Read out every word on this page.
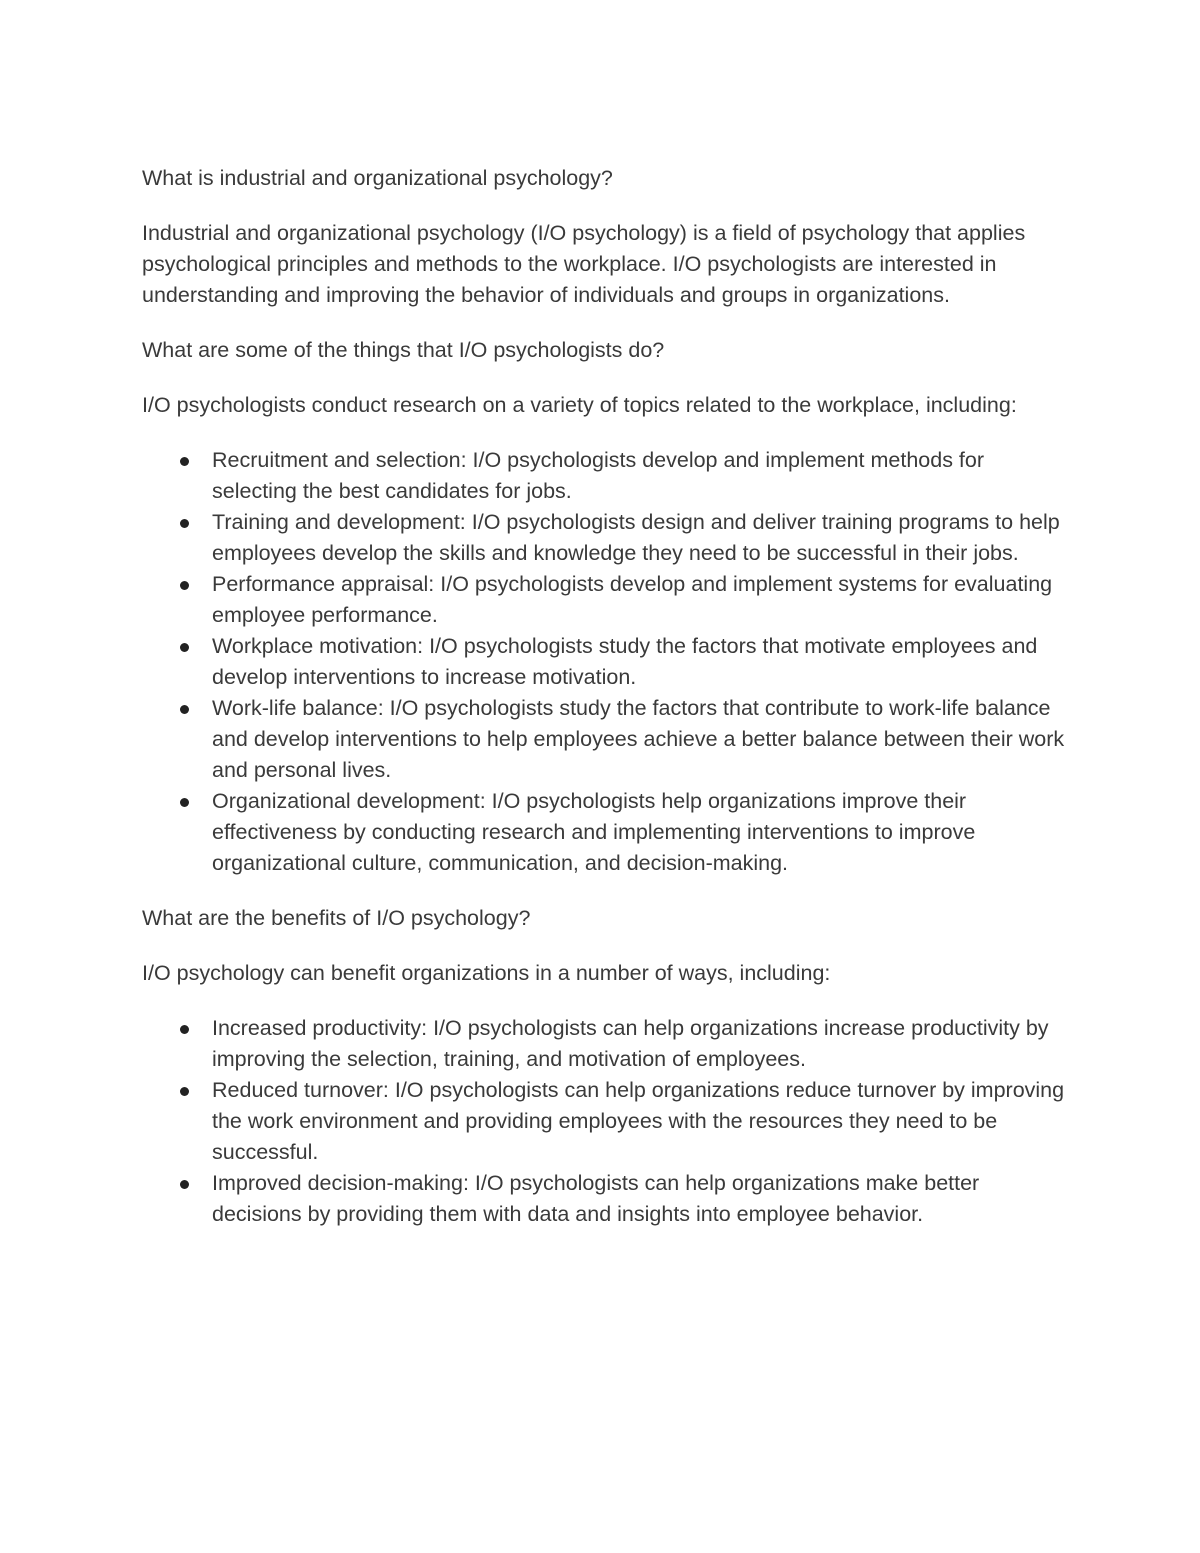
What is industrial and organizational psychology?

Industrial and organizational psychology (I/O psychology) is a field of psychology that applies psychological principles and methods to the workplace. I/O psychologists are interested in understanding and improving the behavior of individuals and groups in organizations.

What are some of the things that I/O psychologists do?

I/O psychologists conduct research on a variety of topics related to the workplace, including:

Recruitment and selection: I/O psychologists develop and implement methods for selecting the best candidates for jobs.
Training and development: I/O psychologists design and deliver training programs to help employees develop the skills and knowledge they need to be successful in their jobs.
Performance appraisal: I/O psychologists develop and implement systems for evaluating employee performance.
Workplace motivation: I/O psychologists study the factors that motivate employees and develop interventions to increase motivation.
Work-life balance: I/O psychologists study the factors that contribute to work-life balance and develop interventions to help employees achieve a better balance between their work and personal lives.
Organizational development: I/O psychologists help organizations improve their effectiveness by conducting research and implementing interventions to improve organizational culture, communication, and decision-making.

What are the benefits of I/O psychology?

I/O psychology can benefit organizations in a number of ways, including:

Increased productivity: I/O psychologists can help organizations increase productivity by improving the selection, training, and motivation of employees.
Reduced turnover: I/O psychologists can help organizations reduce turnover by improving the work environment and providing employees with the resources they need to be successful.
Improved decision-making: I/O psychologists can help organizations make better decisions by providing them with data and insights into employee behavior.
